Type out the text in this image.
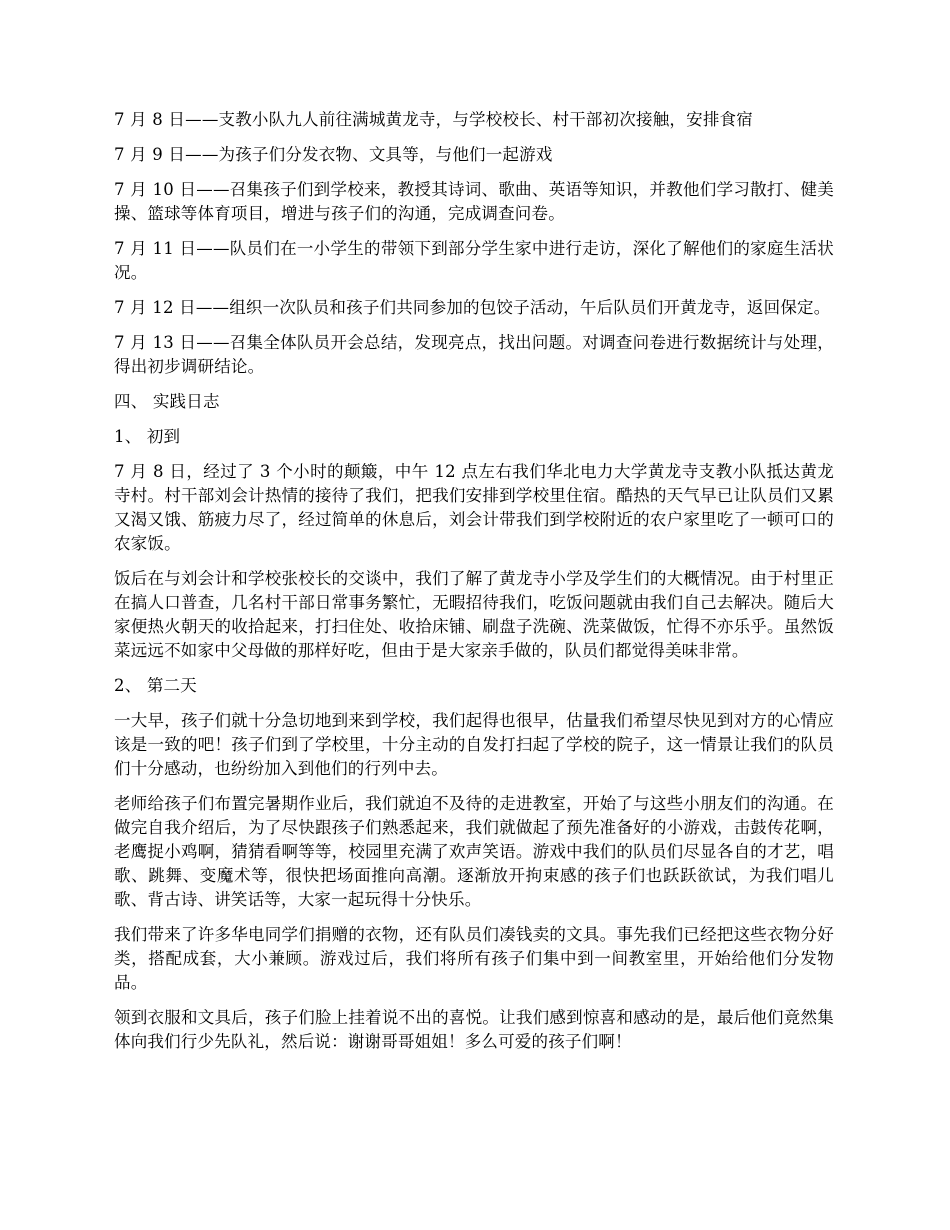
7 月 8 日——支教小队九人前往满城黄龙寺，与学校校长、村干部初次接触，安排食宿

7 月 9 日——为孩子们分发衣物、文具等，与他们一起游戏

7 月 10 日——召集孩子们到学校来，教授其诗词、歌曲、英语等知识，并教他们学习散打、健美操、篮球等体育项目，增进与孩子们的沟通，完成调查问卷。

7 月 11 日——队员们在一小学生的带领下到部分学生家中进行走访，深化了解他们的家庭生活状况。

7 月 12 日——组织一次队员和孩子们共同参加的包饺子活动，午后队员们开黄龙寺，返回保定。

7 月 13 日——召集全体队员开会总结，发现亮点，找出问题。对调查问卷进行数据统计与处理，得出初步调研结论。

四、 实践日志

1、 初到

7 月 8 日，经过了 3 个小时的颠簸，中午 12 点左右我们华北电力大学黄龙寺支教小队抵达黄龙寺村。村干部刘会计热情的接待了我们，把我们安排到学校里住宿。酷热的天气早已让队员们又累又渴又饿、筋疲力尽了，经过简单的休息后，刘会计带我们到学校附近的农户家里吃了一顿可口的农家饭。

饭后在与刘会计和学校张校长的交谈中，我们了解了黄龙寺小学及学生们的大概情况。由于村里正在搞人口普查，几名村干部日常事务繁忙，无暇招待我们，吃饭问题就由我们自己去解决。随后大家便热火朝天的收拾起来，打扫住处、收拾床铺、刷盘子洗碗、洗菜做饭，忙得不亦乐乎。虽然饭菜远远不如家中父母做的那样好吃，但由于是大家亲手做的，队员们都觉得美味非常。

2、 第二天

一大早，孩子们就十分急切地到来到学校，我们起得也很早，估量我们希望尽快见到对方的心情应该是一致的吧！孩子们到了学校里，十分主动的自发打扫起了学校的院子，这一情景让我们的队员们十分感动，也纷纷加入到他们的行列中去。

老师给孩子们布置完暑期作业后，我们就迫不及待的走进教室，开始了与这些小朋友们的沟通。在做完自我介绍后，为了尽快跟孩子们熟悉起来，我们就做起了预先准备好的小游戏，击鼓传花啊，老鹰捉小鸡啊，猜猜看啊等等，校园里充满了欢声笑语。游戏中我们的队员们尽显各自的才艺，唱歌、跳舞、变魔术等，很快把场面推向高潮。逐渐放开拘束感的孩子们也跃跃欲试，为我们唱儿歌、背古诗、讲笑话等，大家一起玩得十分快乐。

我们带来了许多华电同学们捐赠的衣物，还有队员们凑钱卖的文具。事先我们已经把这些衣物分好类，搭配成套，大小兼顾。游戏过后，我们将所有孩子们集中到一间教室里，开始给他们分发物品。

领到衣服和文具后，孩子们脸上挂着说不出的喜悦。让我们感到惊喜和感动的是，最后他们竟然集体向我们行少先队礼，然后说：谢谢哥哥姐姐！多么可爱的孩子们啊！
